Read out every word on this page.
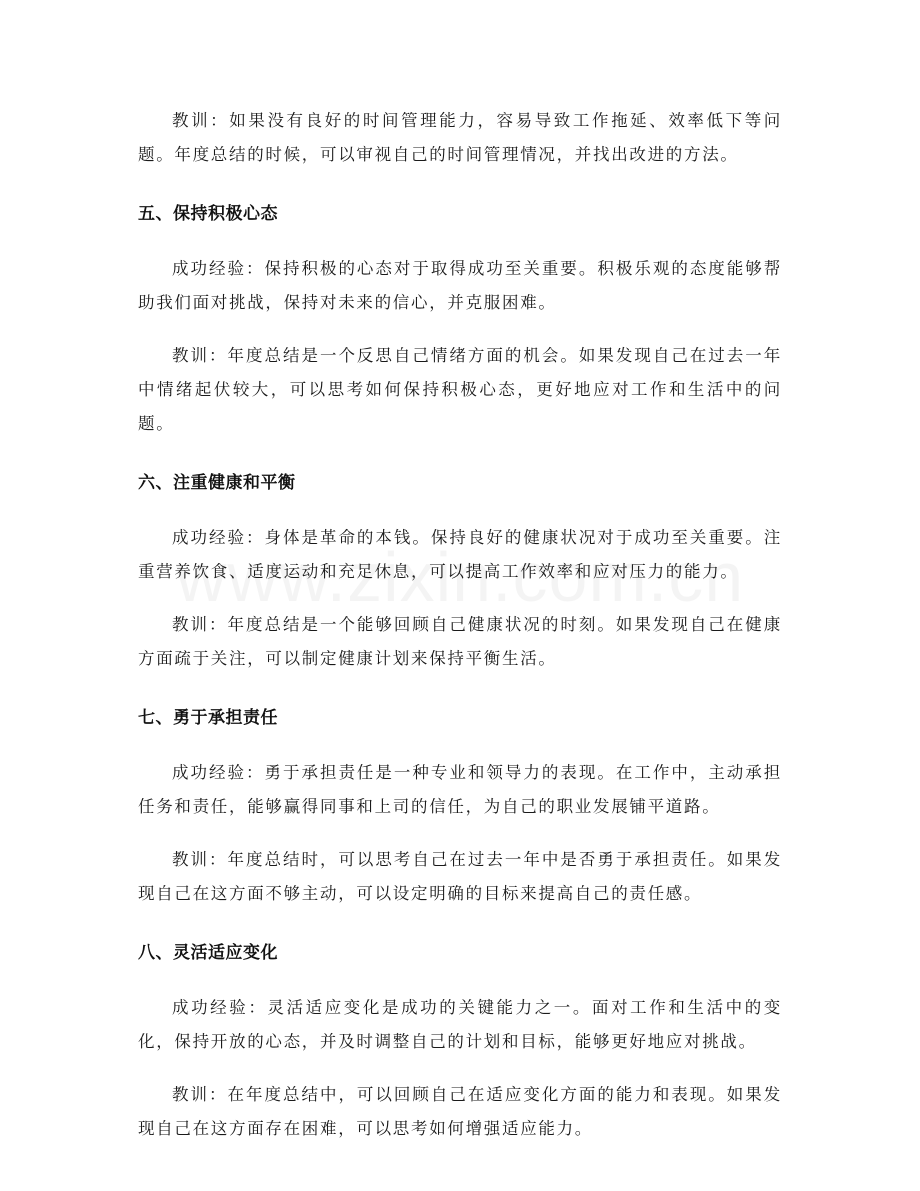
教训：如果没有良好的时间管理能力，容易导致工作拖延、效率低下等问题。年度总结的时候，可以审视自己的时间管理情况，并找出改进的方法。

五、保持积极心态

成功经验：保持积极的心态对于取得成功至关重要。积极乐观的态度能够帮助我们面对挑战，保持对未来的信心，并克服困难。

教训：年度总结是一个反思自己情绪方面的机会。如果发现自己在过去一年中情绪起伏较大，可以思考如何保持积极心态，更好地应对工作和生活中的问题。

六、注重健康和平衡

成功经验：身体是革命的本钱。保持良好的健康状况对于成功至关重要。注重营养饮食、适度运动和充足休息，可以提高工作效率和应对压力的能力。

教训：年度总结是一个能够回顾自己健康状况的时刻。如果发现自己在健康方面疏于关注，可以制定健康计划来保持平衡生活。

七、勇于承担责任

成功经验：勇于承担责任是一种专业和领导力的表现。在工作中，主动承担任务和责任，能够赢得同事和上司的信任，为自己的职业发展铺平道路。

教训：年度总结时，可以思考自己在过去一年中是否勇于承担责任。如果发现自己在这方面不够主动，可以设定明确的目标来提高自己的责任感。

八、灵活适应变化

成功经验：灵活适应变化是成功的关键能力之一。面对工作和生活中的变化，保持开放的心态，并及时调整自己的计划和目标，能够更好地应对挑战。

教训：在年度总结中，可以回顾自己在适应变化方面的能力和表现。如果发现自己在这方面存在困难，可以思考如何增强适应能力。
